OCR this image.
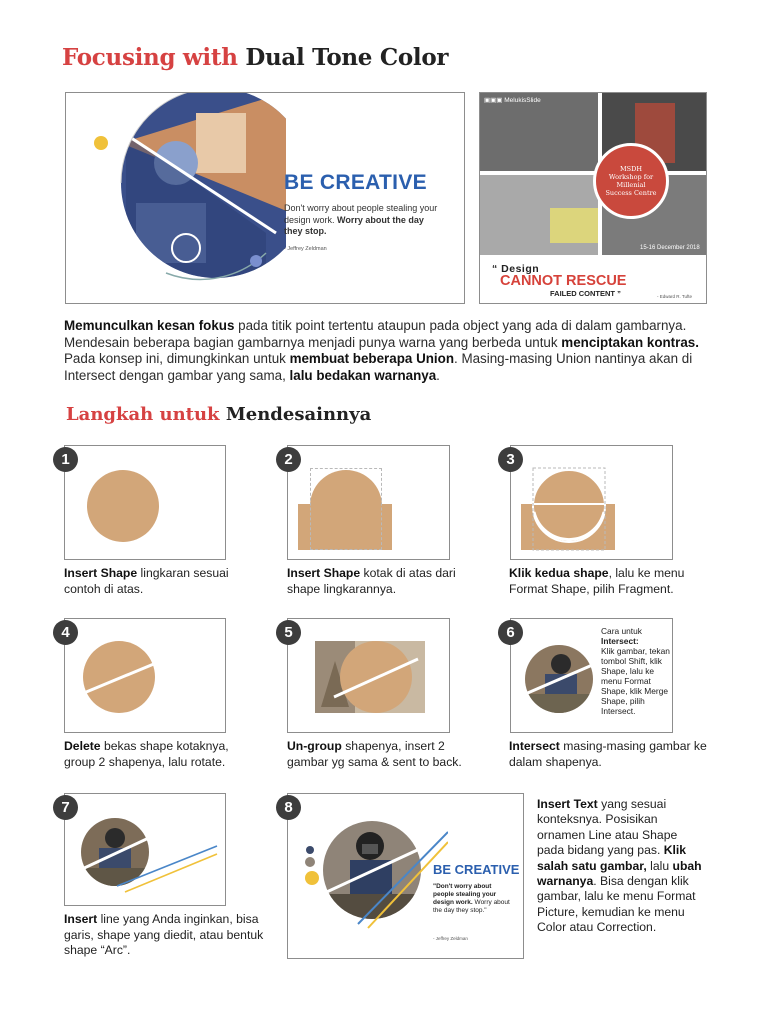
Focusing with Dual Tone Color
BE CREATIVE
Don't worry about people stealing your design work. Worry about the day they stop.
- Jeffrey Zeldman
▣▣▣ MelukisSlide
MSDH Workshop for Millenial Success Centre
15-16 December 2018
“ Design
CANNOT RESCUE
FAILED CONTENT ”	- Edward R. Tufte
Memunculkan kesan fokus pada titik point tertentu ataupun pada object yang ada di dalam gambarnya. Mendesain beberapa bagian gambarnya menjadi punya warna yang berbeda untuk menciptakan kontras. Pada konsep ini, dimungkinkan untuk membuat beberapa Union. Masing-masing Union nantinya akan di Intersect dengan gambar yang sama, lalu bedakan warnanya.
Langkah untuk Mendesainnya
1
Insert Shape lingkaran sesuai contoh di atas.
2
Insert Shape kotak di atas dari shape lingkarannya.
3
Klik kedua shape, lalu ke menu Format Shape, pilih Fragment.
4
Delete bekas shape kotaknya, group 2 shapenya, lalu rotate.
5
Un-group shapenya, insert 2 gambar yg sama & sent to back.
Cara untuk
Intersect:
Klik gambar, tekan tombol Shift, klik Shape, lalu ke menu Format Shape, klik Merge Shape, pilih Intersect.
6
Intersect masing-masing gambar ke dalam shapenya.
7
Insert line yang Anda inginkan, bisa garis, shape yang diedit, atau bentuk shape “Arc”.
BE CREATIVE
"Don't worry about people stealing your design work. Worry about the day they stop."
- Jeffrey Zeldman
8	Insert Text yang sesuai konteksnya. Posisikan ornamen Line atau Shape pada bidang yang pas. Klik salah satu gambar, lalu ubah warnanya. Bisa dengan klik gambar, lalu ke menu Format Picture, kemudian ke menu Color atau Correction.
